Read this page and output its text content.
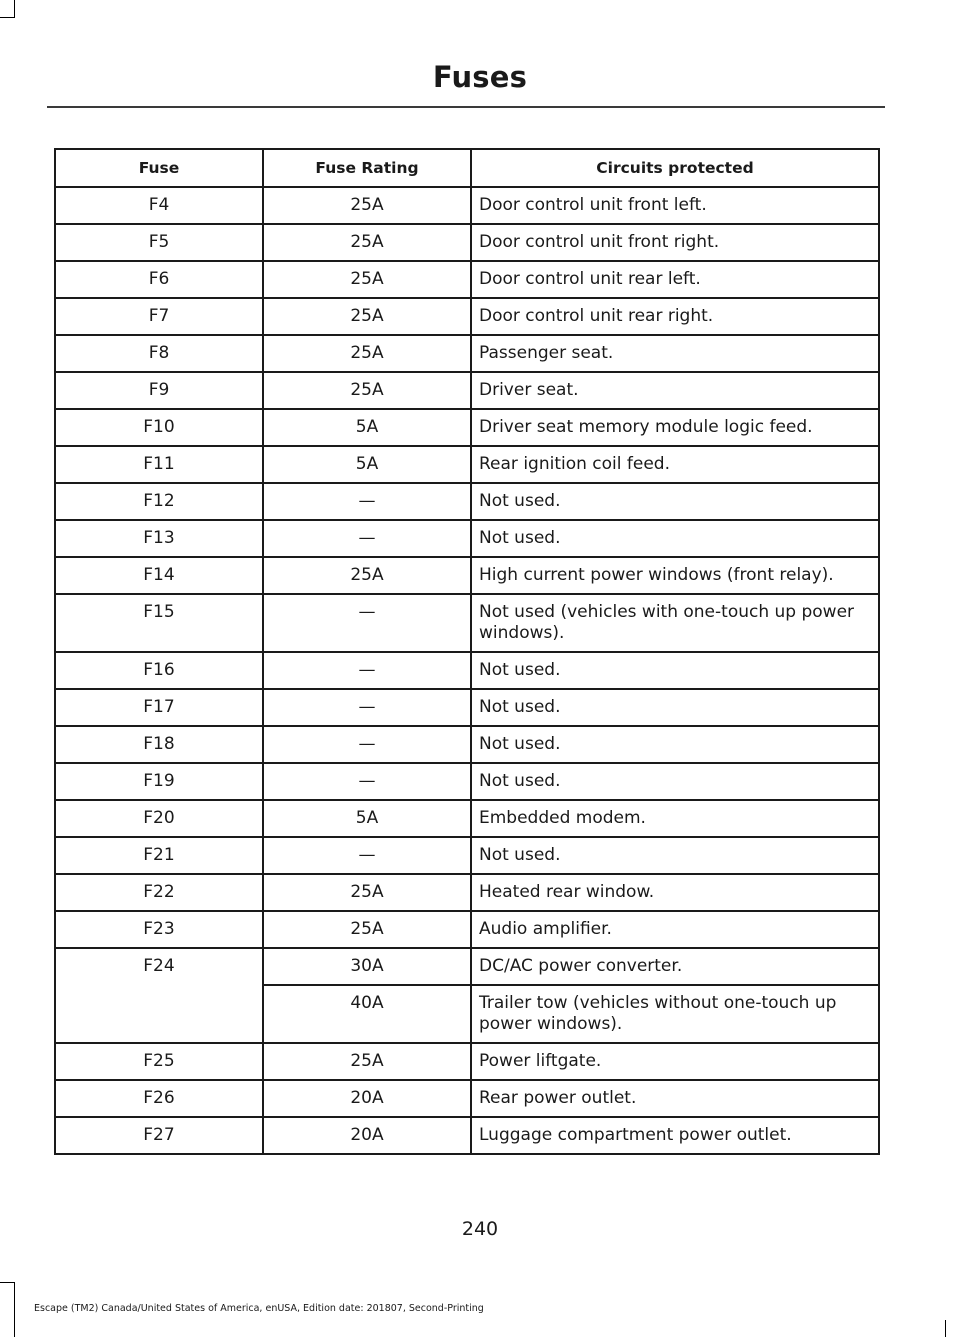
Fuses
Fuse	Fuse Rating	Circuits protected
F4	25A	Door control unit front left.
F5	25A	Door control unit front right.
F6	25A	Door control unit rear left.
F7	25A	Door control unit rear right.
F8	25A	Passenger seat.
F9	25A	Driver seat.
F10	5A	Driver seat memory module logic feed.
F11	5A	Rear ignition coil feed.
F12	—	Not used.
F13	—	Not used.
F14	25A	High current power windows (front relay).
F15	—	Not used (vehicles with one-touch up power windows).
F16	—	Not used.
F17	—	Not used.
F18	—	Not used.
F19	—	Not used.
F20	5A	Embedded modem.
F21	—	Not used.
F22	25A	Heated rear window.
F23	25A	Audio amplifier.
F24	30A	DC/AC power converter.
	40A	Trailer tow (vehicles without one-touch up power windows).
F25	25A	Power liftgate.
F26	20A	Rear power outlet.
F27	20A	Luggage compartment power outlet.
240
Escape (TM2) Canada/United States of America, enUSA, Edition date: 201807, Second-Printing
